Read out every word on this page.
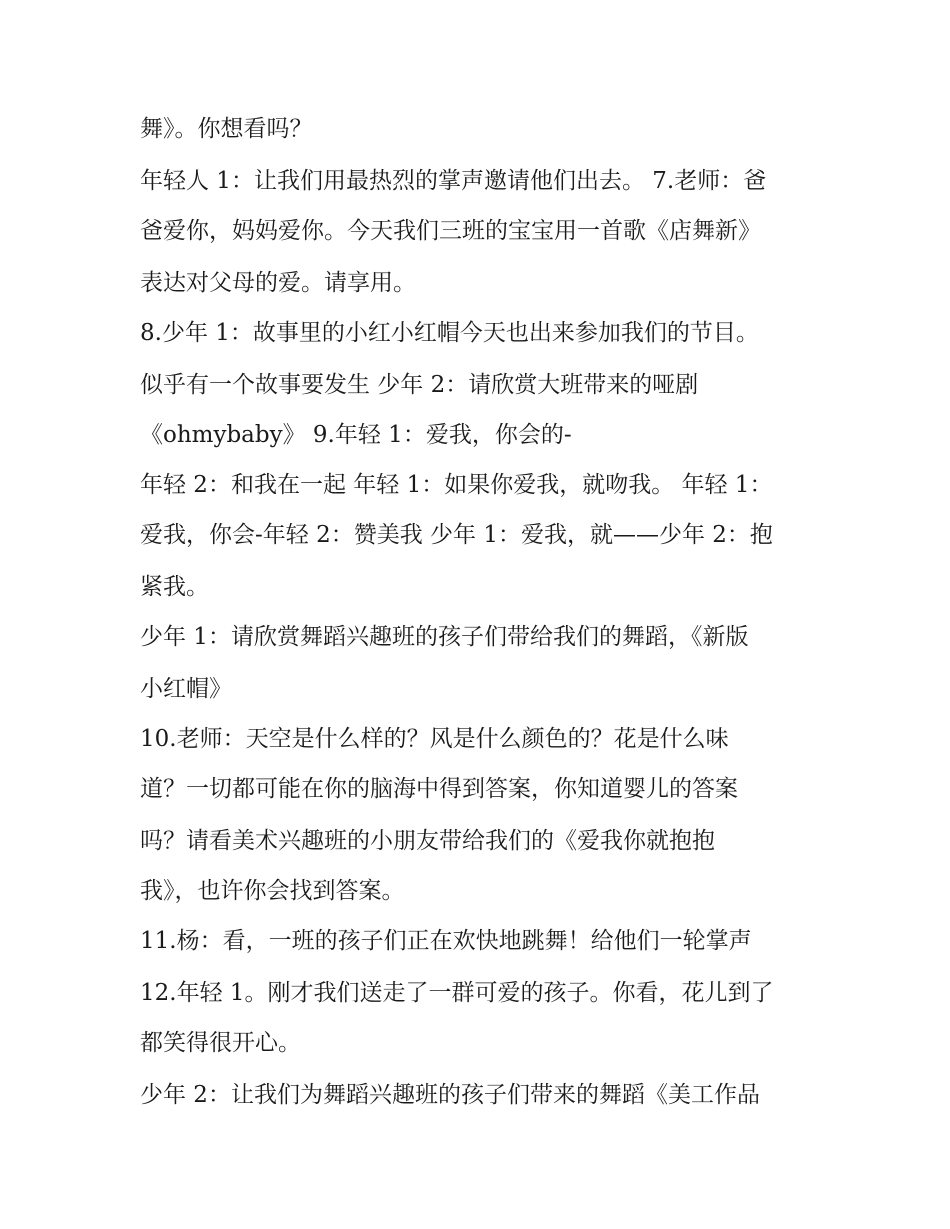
舞》。你想看吗？
年轻人 1：让我们用最热烈的掌声邀请他们出去。 7.老师：爸
爸爱你，妈妈爱你。今天我们三班的宝宝用一首歌《店舞新》
表达对父母的爱。请享用。
8.少年 1：故事里的小红小红帽今天也出来参加我们的节目。
似乎有一个故事要发生 少年 2：请欣赏大班带来的哑剧
《ohmybaby》 9.年轻 1：爱我，你会的-
年轻 2：和我在一起 年轻 1：如果你爱我，就吻我。 年轻 1：
爱我，你会-年轻 2：赞美我 少年 1：爱我，就——少年 2：抱
紧我。
少年 1：请欣赏舞蹈兴趣班的孩子们带给我们的舞蹈，《新版
小红帽》
10.老师：天空是什么样的？风是什么颜色的？花是什么味
道？一切都可能在你的脑海中得到答案，你知道婴儿的答案
吗？请看美术兴趣班的小朋友带给我们的《爱我你就抱抱
我》，也许你会找到答案。
11.杨：看，一班的孩子们正在欢快地跳舞！给他们一轮掌声
12.年轻 1。刚才我们送走了一群可爱的孩子。你看，花儿到了
都笑得很开心。
少年 2：让我们为舞蹈兴趣班的孩子们带来的舞蹈《美工作品
